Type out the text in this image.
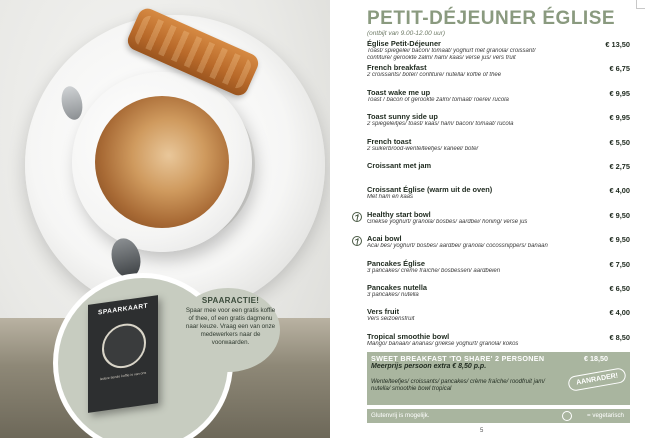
SPAARKAART
Iedere tiende koffie is van ons
SPAARACTIE!
Spaar mee voor een gratis koffie of thee, of een gratis dagmenu naar keuze. Vraag een van onze medewerkers naar de voorwaarden.
PETIT-DÉJEUNER ÉGLISE
(ontbijt van 9.00-12.00 uur)
Église Petit-Déjeuner
Toast/ spiegelei/ bacon/ tomaat/ yoghurt met granola/ croissant/
confiture/ gerookte zalm/ ham/ kaas/ verse jus/ vers fruit
€ 13,50
French breakfast
2 croissants/ boter/ confiture/ nutella/ koffie of thee
€ 6,75
Toast wake me up
Toast / bacon of gerookte zalm/ tomaat/ roerei/ rucola
€ 9,95
Toast sunny side up
2 spiegeleitjes/ toast/ kaas/ ham/ bacon/ tomaat/ rucola
€ 9,95
French toast
2 suikerbrood-wentelteefjes/ kaneel/ boter
€ 5,50
Croissant met jam	€ 2,75
Croissant Église (warm uit de oven)
Met ham en kaas
€ 4,00
Healthy start bowl
Griekse yoghurt/ granola/ bosbes/ aardbei/ honing/ verse jus
€ 9,50
Acai bowl
Acai bes/ yoghurt/ bosbes/ aardbei/ granola/ cocossnippers/ banaan
€ 9,50
Pancakes Église
3 pancakes/ crème fraîche/ bosbessen/ aardbeien
€ 7,50
Pancakes nutella
3 pancakes/ nutella
€ 6,50
Vers fruit
Vers seizoensfruit
€ 4,00
Tropical smoothie bowl
Mango/ banaan/ ananas/ griekse yoghurt/ granola/ kokos
€ 8,50
SWEET BREAKFAST 'TO SHARE' 2 PERSONEN	€ 18,50
Meerprijs persoon extra € 8,50 p.p.
Wentelteefjes/ croissants/ pancakes/ crème fraîche/ roodfruit jam/ nutella/ smoothie bowl tropical
AANRADER!
Glutenvrij is mogelijk.	= vegetarisch
5
